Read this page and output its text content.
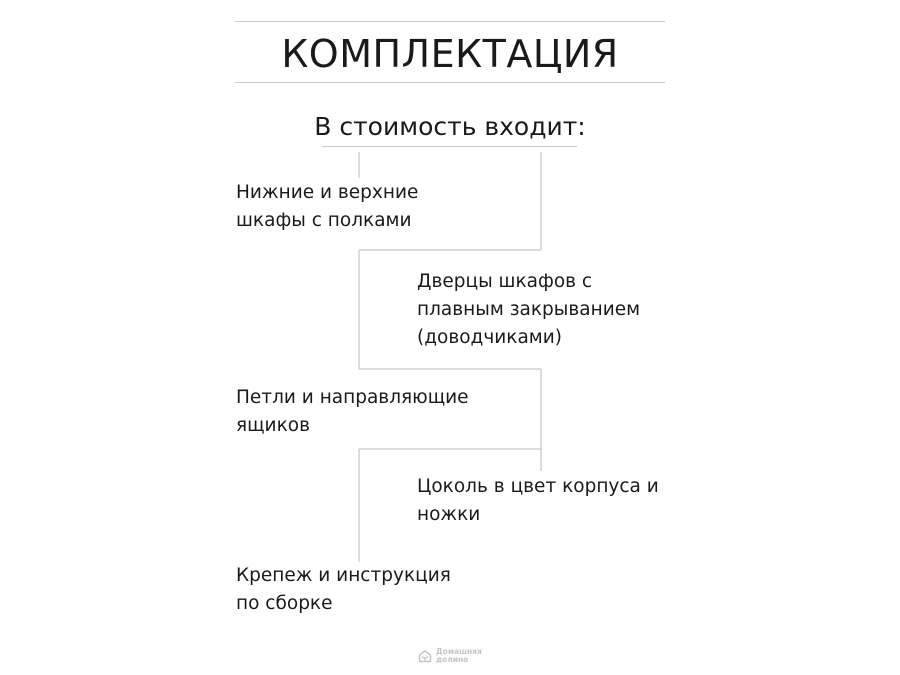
КОМПЛЕКТАЦИЯ
В стоимость входит:
Нижние и верхние
шкафы с полками
Дверцы шкафов с
плавным закрыванием
(доводчиками)
Петли и направляющие
ящиков
Цоколь в цвет корпуса и
ножки
Крепеж и инструкция
по сборке
Домашняя
долина
